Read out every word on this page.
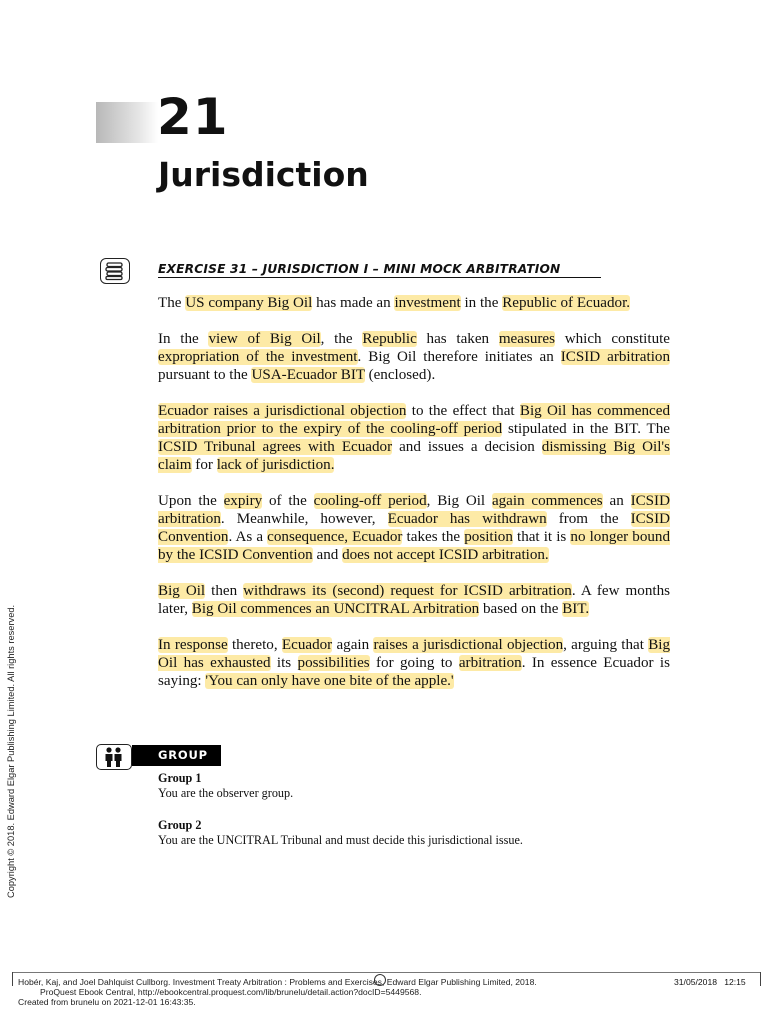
21
Jurisdiction
EXERCISE 31 – JURISDICTION I – MINI MOCK ARBITRATION

The US company Big Oil has made an investment in the Republic of Ecuador.

In the view of Big Oil, the Republic has taken measures which constitute expropriation of the investment. Big Oil therefore initiates an ICSID arbitration pursuant to the USA-Ecuador BIT (enclosed).

Ecuador raises a jurisdictional objection to the effect that Big Oil has commenced arbitration prior to the expiry of the cooling-off period stipulated in the BIT. The ICSID Tribunal agrees with Ecuador and issues a decision dismissing Big Oil's claim for lack of jurisdiction.

Upon the expiry of the cooling-off period, Big Oil again commences an ICSID arbitration. Meanwhile, however, Ecuador has withdrawn from the ICSID Convention. As a consequence, Ecuador takes the position that it is no longer bound by the ICSID Convention and does not accept ICSID arbitration.

Big Oil then withdraws its (second) request for ICSID arbitration. A few months later, Big Oil commences an UNCITRAL Arbitration based on the BIT.

In response thereto, Ecuador again raises a jurisdictional objection, arguing that Big Oil has exhausted its possibilities for going to arbitration. In essence Ecuador is saying: 'You can only have one bite of the apple.'

GROUP
Group 1
You are the observer group.
Group 2
You are the UNCITRAL Tribunal and must decide this jurisdictional issue.
Copyright © 2018. Edward Elgar Publishing Limited. All rights reserved.
Hobér, Kaj, and Joel Dahlquist Cullborg. Investment Treaty Arbitration : Problems and Exercises, Edward Elgar Publishing Limited, 2018.
ProQuest Ebook Central, http://ebookcentral.proquest.com/lib/brunelu/detail.action?docID=5449568.
Created from brunelu on 2021-12-01 16:43:35.
31/05/2018 12:15
